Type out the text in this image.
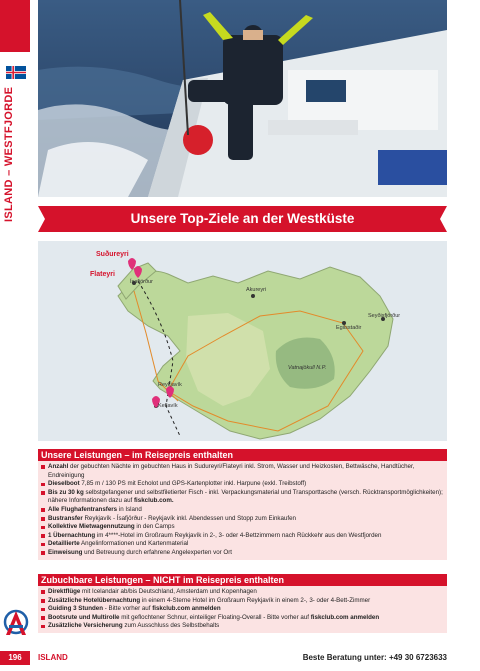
ISLAND – WESTFJORDE	Unsere Top-Ziele an der Westküste
Suðureyri
Flateyri
Ísafjörður
Akureyri
Egilsstaðir
Seyðisfjörður
Reykjavík
Keflavík
Vatnajökull N.P.
Unsere Leistungen – im Reisepreis enthalten
Anzahl der gebuchten Nächte im gebuchten Haus in Sudureyri/Flateyri inkl. Strom, Wasser und Heizkosten, Bettwäsche, Handtücher, Endreinigung
Dieselboot 7,85 m / 130 PS mit Echolot und GPS-Kartenplotter inkl. Harpune (exkl. Treibstoff)
Bis zu 30 kg selbstgefangener und selbstfiletierter Fisch - inkl. Verpackungsmaterial und Transporttasche (versch. Rücktransportmöglichkeiten); nähere Informationen dazu auf fiskclub.com.
Alle Flughafentransfers in Island
Bustransfer Reykjavík - Ísafjörður - Reykjavík inkl. Abendessen und Stopp zum Einkaufen
Kollektive Mietwagennutzung in den Camps
1 Übernachtung im 4****-Hotel im Großraum Reykjavík in 2-, 3- oder 4-Bettzimmern nach Rückkehr aus den Westfjorden
Detaillierte Angelinformationen und Kartenmaterial
Einweisung und Betreuung durch erfahrene Angelexperten vor Ort
Zubuchbare Leistungen – NICHT im Reisepreis enthalten
Direktflüge mit Icelandair ab/bis Deutschland, Amsterdam und Kopenhagen
Zusätzliche Hotelübernachtung in einem 4-Sterne Hotel im Großraum Reykjavík in einem 2-, 3- oder 4-Bett-Zimmer
Guiding 3 Stunden - Bitte vorher auf fiskclub.com anmelden
Bootsrute und Multirolle mit geflochtener Schnur, einteiliger Floating-Overall - Bitte vorher auf fiskclub.com anmelden
Zusätzliche Versicherung zum Ausschluss des Selbstbehalts
196	ISLAND	Beste Beratung unter: +49 30 6723633
